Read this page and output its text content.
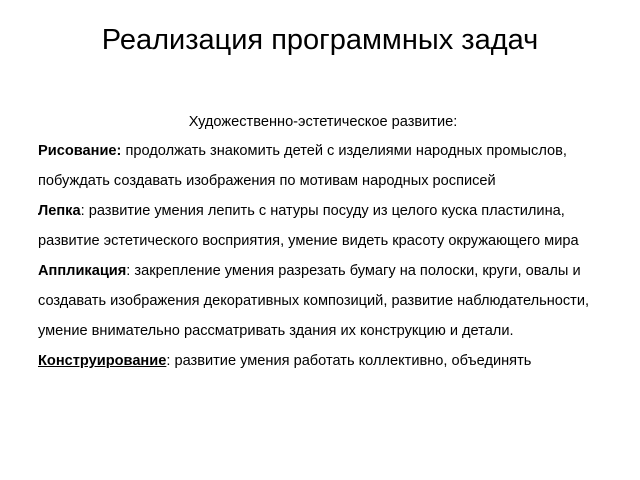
Реализация программных задач

Художественно-эстетическое развитие:

Рисование: продолжать знакомить детей с изделиями народных промыслов,

побуждать создавать изображения по мотивам народных росписей

Лепка: развитие умения лепить с натуры посуду из целого куска пластилина,

развитие эстетического восприятия, умение видеть красоту окружающего мира

Аппликация: закрепление умения разрезать бумагу на полоски, круги, овалы и

создавать изображения декоративных композиций, развитие наблюдательности,

умение внимательно рассматривать здания их конструкцию и детали.

Конструирование: развитие умения работать коллективно, объединять
